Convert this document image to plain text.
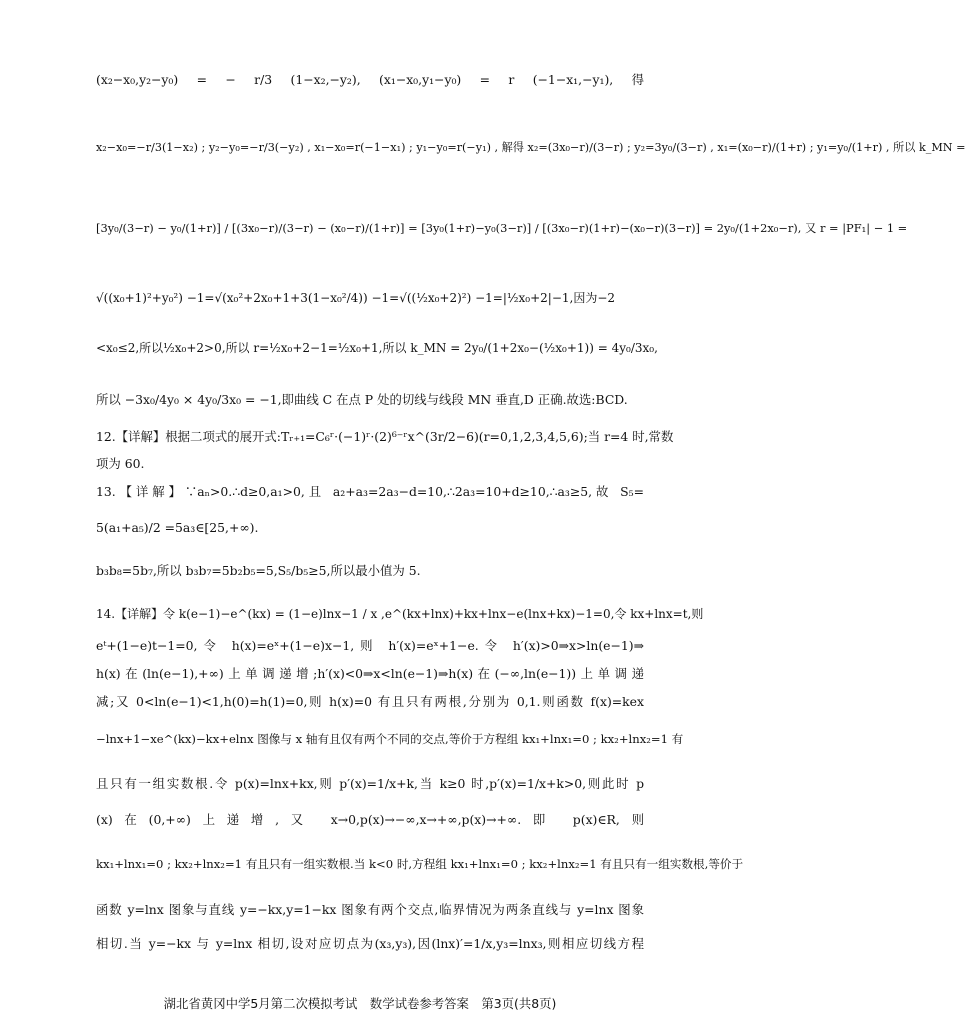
(x₂−x₀,y₂−y₀) = − r/3 (1−x₂,−y₂), (x₁−x₀,y₁−y₀) = r (−1−x₁,−y₁), 得
x₂−x₀=−r/3(1−x₂) ; y₂−y₀=−r/3(−y₂) , x₁−x₀=r(−1−x₁) ; y₁−y₀=r(−y₁) , 解得 x₂=(3x₀−r)/(3−r) ; y₂=3y₀/(3−r) , x₁=(x₀−r)/(1+r) ; y₁=y₀/(1+r) , 所以 k_MN =
[3y₀/(3−r) − y₀/(1+r)] / [(3x₀−r)/(3−r) − (x₀−r)/(1+r)] = [3y₀(1+r)−y₀(3−r)] / [(3x₀−r)(1+r)−(x₀−r)(3−r)] = 2y₀/(1+2x₀−r), 又 r = |PF₁| − 1 =
√((x₀+1)²+y₀²) −1=√(x₀²+2x₀+1+3(1−x₀²/4)) −1=√((½x₀+2)²) −1=|½x₀+2|−1,因为−2
<x₀≤2,所以½x₀+2>0,所以 r=½x₀+2−1=½x₀+1,所以 k_MN = 2y₀/(1+2x₀−(½x₀+1)) = 4y₀/3x₀,
所以 −3x₀/4y₀ × 4y₀/3x₀ = −1,即曲线 C 在点 P 处的切线与线段 MN 垂直,D 正确.故选:BCD.
12.【详解】根据二项式的展开式:Tᵣ₊₁=C₆ʳ·(−1)ʳ·(2)⁶⁻ʳx^(3r/2−6)(r=0,1,2,3,4,5,6);当 r=4 时,常数
项为 60.
13.【详解】∵aₙ>0.∴d≥0,a₁>0,且 a₂+a₃=2a₃−d=10,∴2a₃=10+d≥10,∴a₃≥5,故 S₅=
5(a₁+a₅)/2 =5a₃∈[25,+∞).
b₃b₈=5b₇,所以 b₃b₇=5b₂b₅=5,S₅/b₅≥5,所以最小值为 5.
14.【详解】令 k(e−1)−e^(kx) = (1−e)lnx−1 / x ,e^(kx+lnx)+kx+lnx−e(lnx+kx)−1=0,令 kx+lnx=t,则
eᵗ+(1−e)t−1=0,令 h(x)=eˣ+(1−e)x−1,则 h′(x)=eˣ+1−e.令 h′(x)>0⇒x>ln(e−1)⇒
h(x)在(ln(e−1),+∞)上单调递增;h′(x)<0⇒x<ln(e−1)⇒h(x)在(−∞,ln(e−1))上单调递
减;又 0<ln(e−1)<1,h(0)=h(1)=0,则 h(x)=0 有且只有两根,分别为 0,1.则函数 f(x)=kex
−lnx+1−xe^(kx)−kx+elnx 图像与 x 轴有且仅有两个不同的交点,等价于方程组 kx₁+lnx₁=0 ; kx₂+lnx₂=1 有
且只有一组实数根.令 p(x)=lnx+kx,则 p′(x)=1/x+k,当 k≥0 时,p′(x)=1/x+k>0,则此时 p
(x)在(0,+∞)上递增,又 x→0,p(x)→−∞,x→+∞,p(x)→+∞.即 p(x)∈R,则
kx₁+lnx₁=0 ; kx₂+lnx₂=1 有且只有一组实数根.当 k<0 时,方程组 kx₁+lnx₁=0 ; kx₂+lnx₂=1 有且只有一组实数根,等价于
函数 y=lnx 图象与直线 y=−kx,y=1−kx 图象有两个交点,临界情况为两条直线与 y=lnx 图象
相切.当 y=−kx 与 y=lnx 相切,设对应切点为(x₃,y₃),因(lnx)′=1/x,y₃=lnx₃,则相应切线方程
湖北省黄冈中学5月第二次模拟考试　数学试卷参考答案　第3页(共8页)
